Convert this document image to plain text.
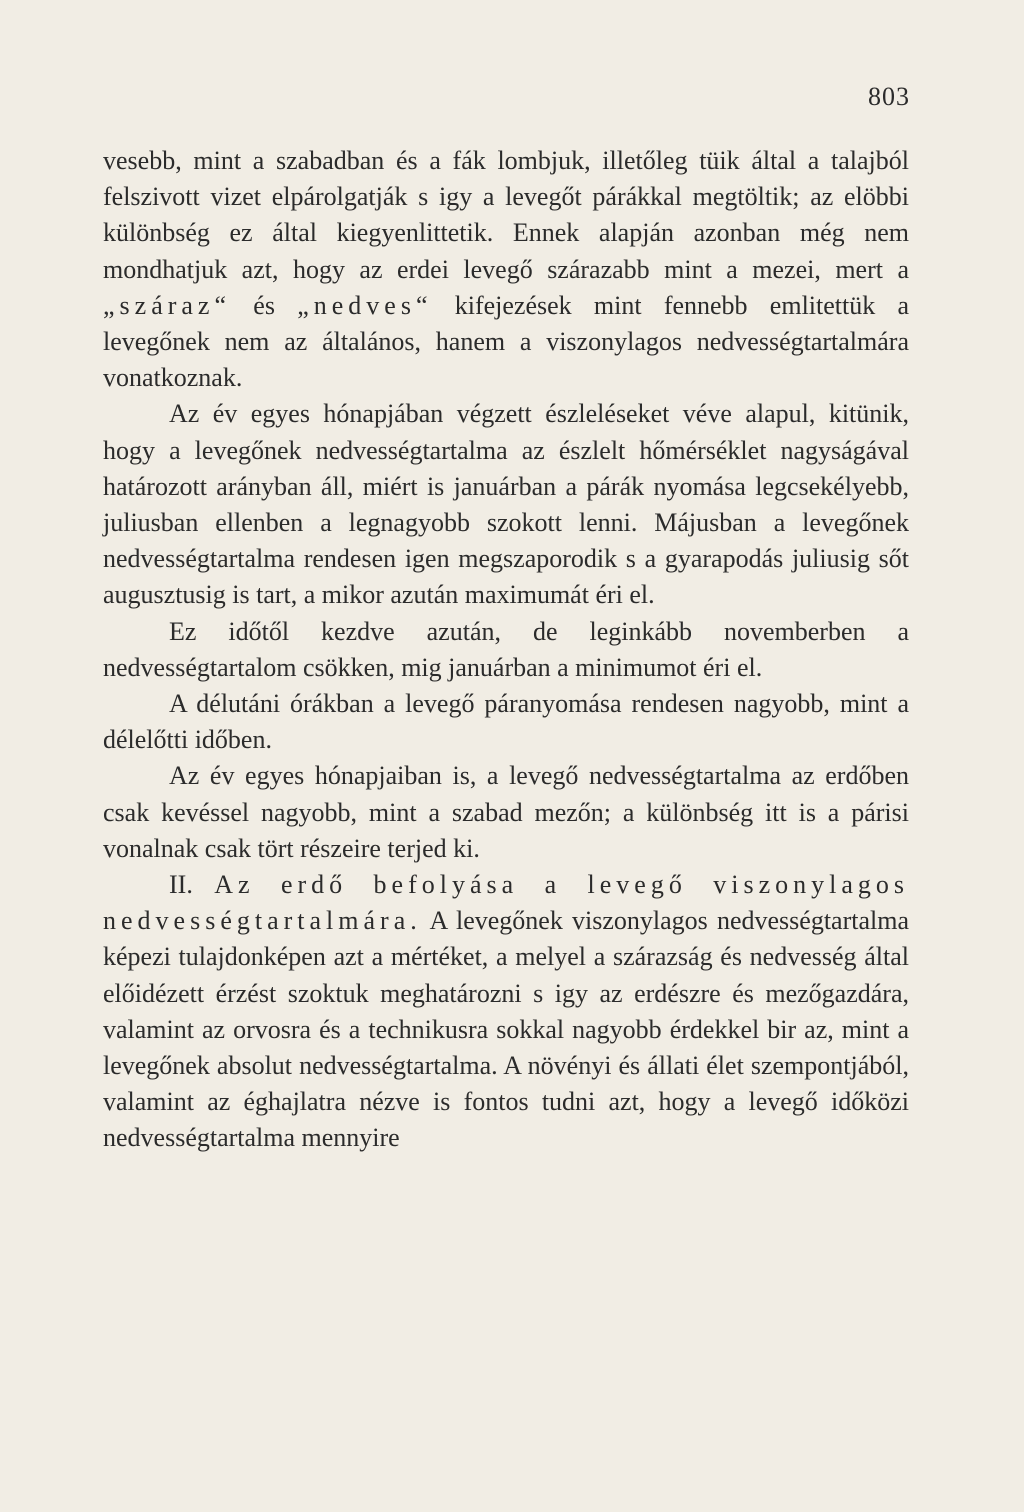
803

vesebb, mint a szabadban és a fák lombjuk, illetőleg tüik által a talajból felszivott vizet elpárolgatják s igy a levegőt párákkal megtöltik; az elöbbi különbség ez által kiegyenlittetik. Ennek alapján azonban még nem mondhatjuk azt, hogy az erdei levegő szárazabb mint a mezei, mert a „száraz“ és „nedves“ kifejezések mint fennebb emlitettük a levegőnek nem az általános, hanem a viszonylagos nedvességtartalmára vonatkoznak.

Az év egyes hónapjában végzett észleléseket véve alapul, kitünik, hogy a levegőnek nedvességtartalma az észlelt hőmérséklet nagyságával határozott arányban áll, miért is januárban a párák nyomása legcsekélyebb, juliusban ellenben a legnagyobb szokott lenni. Májusban a levegőnek nedvességtartalma rendesen igen megszaporodik s a gyarapodás juliusig sőt augusztusig is tart, a mikor azután maximumát éri el.

Ez időtől kezdve azután, de leginkább novemberben a nedvességtartalom csökken, mig januárban a minimumot éri el.

A délutáni órákban a levegő páranyomása rendesen nagyobb, mint a délelőtti időben.

Az év egyes hónapjaiban is, a levegő nedvességtartalma az erdőben csak kevéssel nagyobb, mint a szabad mezőn; a különbség itt is a párisi vonalnak csak tört részeire terjed ki.

II. Az erdő befolyása a levegő viszonylagos nedvességtartalmára. A levegőnek viszonylagos nedvességtartalma képezi tulajdonképen azt a mértéket, a melyel a szárazság és nedvesség által előidézett érzést szoktuk meghatározni s igy az erdészre és mezőgazdára, valamint az orvosra és a technikusra sokkal nagyobb érdekkel bir az, mint a levegőnek absolut nedvességtartalma. A növényi és állati élet szempontjából, valamint az éghajlatra nézve is fontos tudni azt, hogy a levegő időközi nedvességtartalma mennyire
